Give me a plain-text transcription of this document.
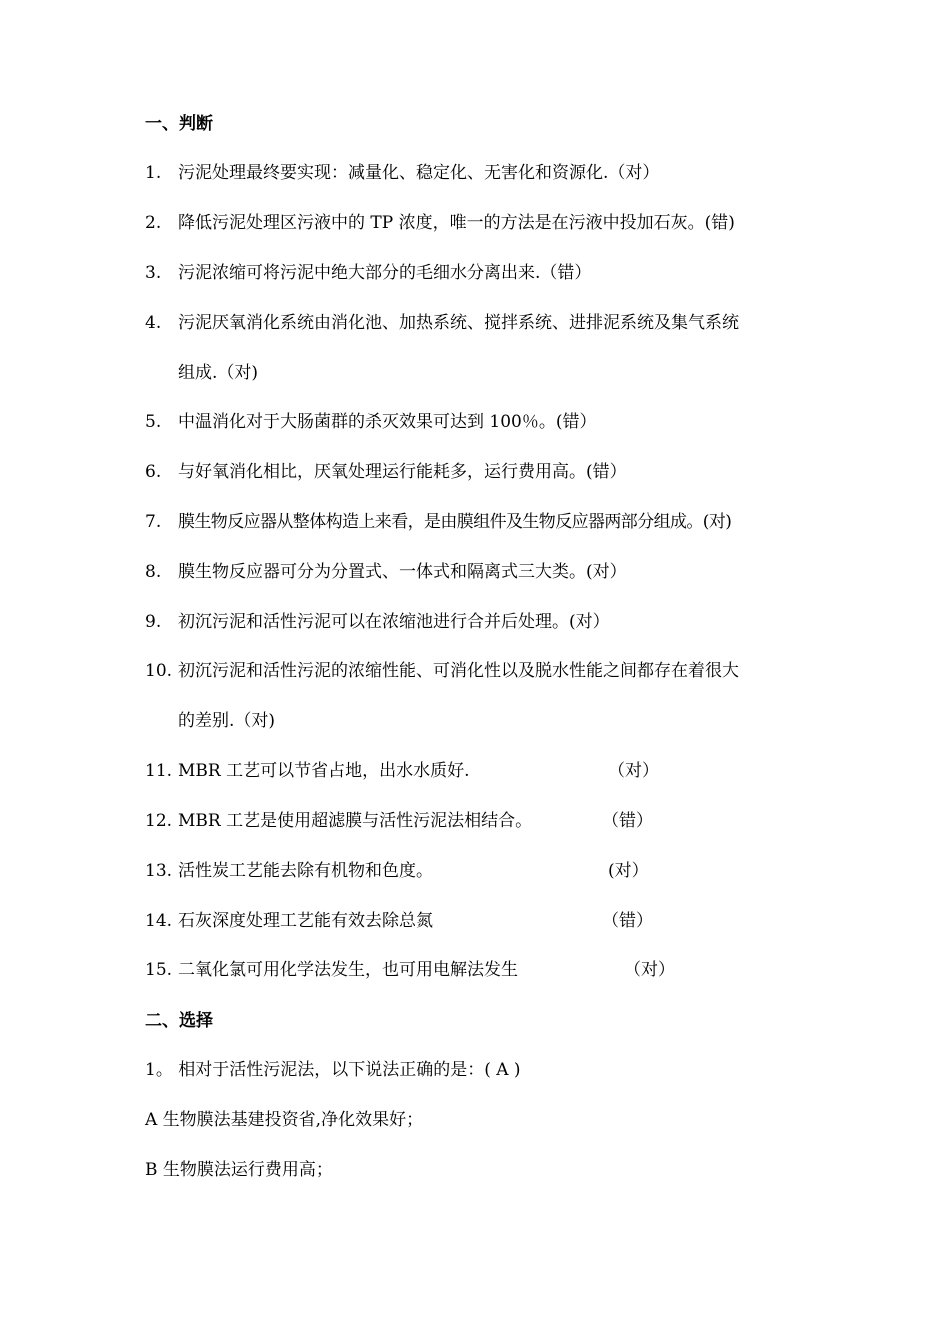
一、判断
1. 污泥处理最终要实现：减量化、稳定化、无害化和资源化.（对）
2. 降低污泥处理区污液中的 TP 浓度，唯一的方法是在污液中投加石灰。(错)
3. 污泥浓缩可将污泥中绝大部分的毛细水分离出来.（错）
4. 污泥厌氧消化系统由消化池、加热系统、搅拌系统、进排泥系统及集气系统
组成.（对)
5. 中温消化对于大肠菌群的杀灭效果可达到 100％。(错）
6. 与好氧消化相比，厌氧处理运行能耗多，运行费用高。(错）
7. 膜生物反应器从整体构造上来看，是由膜组件及生物反应器两部分组成。(对)
8. 膜生物反应器可分为分置式、一体式和隔离式三大类。(对）
9. 初沉污泥和活性污泥可以在浓缩池进行合并后处理。(对）
10. 初沉污泥和活性污泥的浓缩性能、可消化性以及脱水性能之间都存在着很大
的差别.（对)
11. MBR 工艺可以节省占地，出水水质好.	（对）
12. MBR 工艺是使用超滤膜与活性污泥法相结合。	（错）
13. 活性炭工艺能去除有机物和色度。	(对）
14. 石灰深度处理工艺能有效去除总氮	（错）
15. 二氧化氯可用化学法发生，也可用电解法发生	（对）
二、选择
1。 相对于活性污泥法，以下说法正确的是：( A )
A 生物膜法基建投资省,净化效果好；
B 生物膜法运行费用高；
